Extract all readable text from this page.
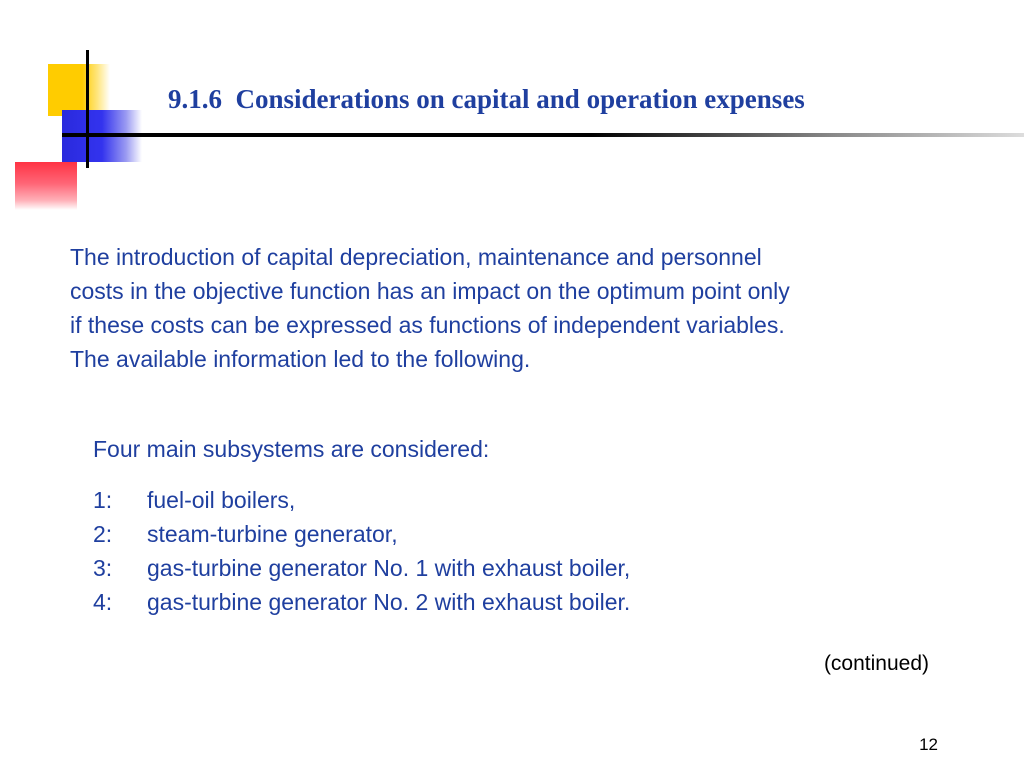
9.1.6  Considerations on capital and operation expenses

The introduction of capital depreciation, maintenance and personnel
costs in the objective function has an impact on the optimum point only
if these costs can be expressed as functions of independent variables.
The available information led to the following.

Four main subsystems are considered:

1:	fuel-oil boilers,
2:	steam-turbine generator,
3:	gas-turbine generator No. 1 with exhaust boiler,
4:	gas-turbine generator No. 2 with exhaust boiler.

(continued)

12
